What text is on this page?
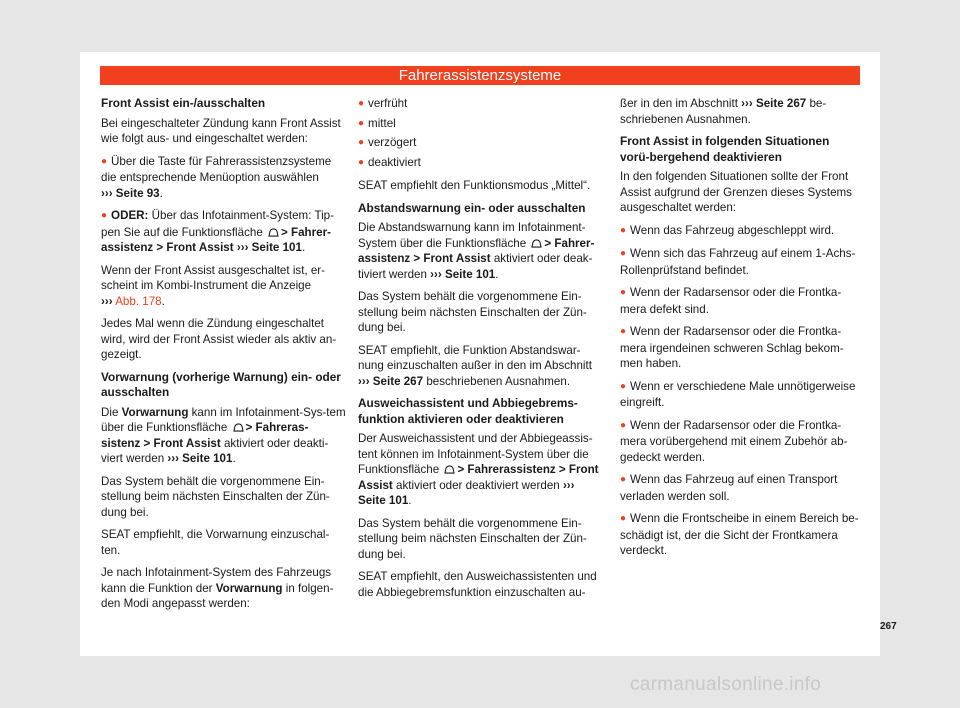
Fahrerassistenzsysteme
Front Assist ein-/ausschalten

Bei eingeschalteter Zündung kann Front Assist wie folgt aus- und eingeschaltet werden:

● Über die Taste für Fahrerassistenzsysteme die entsprechende Menüoption auswählen
››› Seite 93.

● ODER: Über das Infotainment-System: Tip-pen Sie auf die Funktionsfläche > Fahrer-assistenz > Front Assist ››› Seite 101.

Wenn der Front Assist ausgeschaltet ist, er-scheint im Kombi-Instrument die Anzeige
››› Abb. 178.

Jedes Mal wenn die Zündung eingeschaltet wird, wird der Front Assist wieder als aktiv an-gezeigt.

Vorwarnung (vorherige Warnung) ein- oder ausschalten

Die Vorwarnung kann im Infotainment-Sys-tem über die Funktionsfläche > Fahreras-sistenz > Front Assist aktiviert oder deakti-viert werden ››› Seite 101.

Das System behält die vorgenommene Ein-stellung beim nächsten Einschalten der Zün-dung bei.

SEAT empfiehlt, die Vorwarnung einzuschal-ten.

Je nach Infotainment-System des Fahrzeugs kann die Funktion der Vorwarnung in folgen-den Modi angepasst werden:

● verfrüht

● mittel

● verzögert

● deaktiviert

SEAT empfiehlt den Funktionsmodus „Mittel“.

Abstandswarnung ein- oder ausschalten

Die Abstandswarnung kann im Infotainment-System über die Funktionsfläche > Fahrer-assistenz > Front Assist aktiviert oder deak-tiviert werden ››› Seite 101.

Das System behält die vorgenommene Ein-stellung beim nächsten Einschalten der Zün-dung bei.

SEAT empfiehlt, die Funktion Abstandswar-nung einzuschalten außer in den im Abschnitt ››› Seite 267 beschriebenen Ausnahmen.

Ausweichassistent und Abbiegebrems-funktion aktivieren oder deaktivieren

Der Ausweichassistent und der Abbiegeassis-tent können im Infotainment-System über die Funktionsfläche > Fahrerassistenz > Front Assist aktiviert oder deaktiviert werden ››› Seite 101.

Das System behält die vorgenommene Ein-stellung beim nächsten Einschalten der Zün-dung bei.

SEAT empfiehlt, den Ausweichassistenten und die Abbiegebremsfunktion einzuschalten au-

ßer in den im Abschnitt ››› Seite 267 be-schriebenen Ausnahmen.

Front Assist in folgenden Situationen vorü-bergehend deaktivieren

In den folgenden Situationen sollte der Front Assist aufgrund der Grenzen dieses Systems ausgeschaltet werden:

● Wenn das Fahrzeug abgeschleppt wird.

● Wenn sich das Fahrzeug auf einem 1-Achs-Rollenprüfstand befindet.

● Wenn der Radarsensor oder die Frontka-mera defekt sind.

● Wenn der Radarsensor oder die Frontka-mera irgendeinen schweren Schlag bekom-men haben.

● Wenn er verschiedene Male unnötigerweise eingreift.

● Wenn der Radarsensor oder die Frontka-mera vorübergehend mit einem Zubehör ab-gedeckt werden.

● Wenn das Fahrzeug auf einen Transport verladen werden soll.

● Wenn die Frontscheibe in einem Bereich be-schädigt ist, der die Sicht der Frontkamera verdeckt.

267
carmanualsonline.info
